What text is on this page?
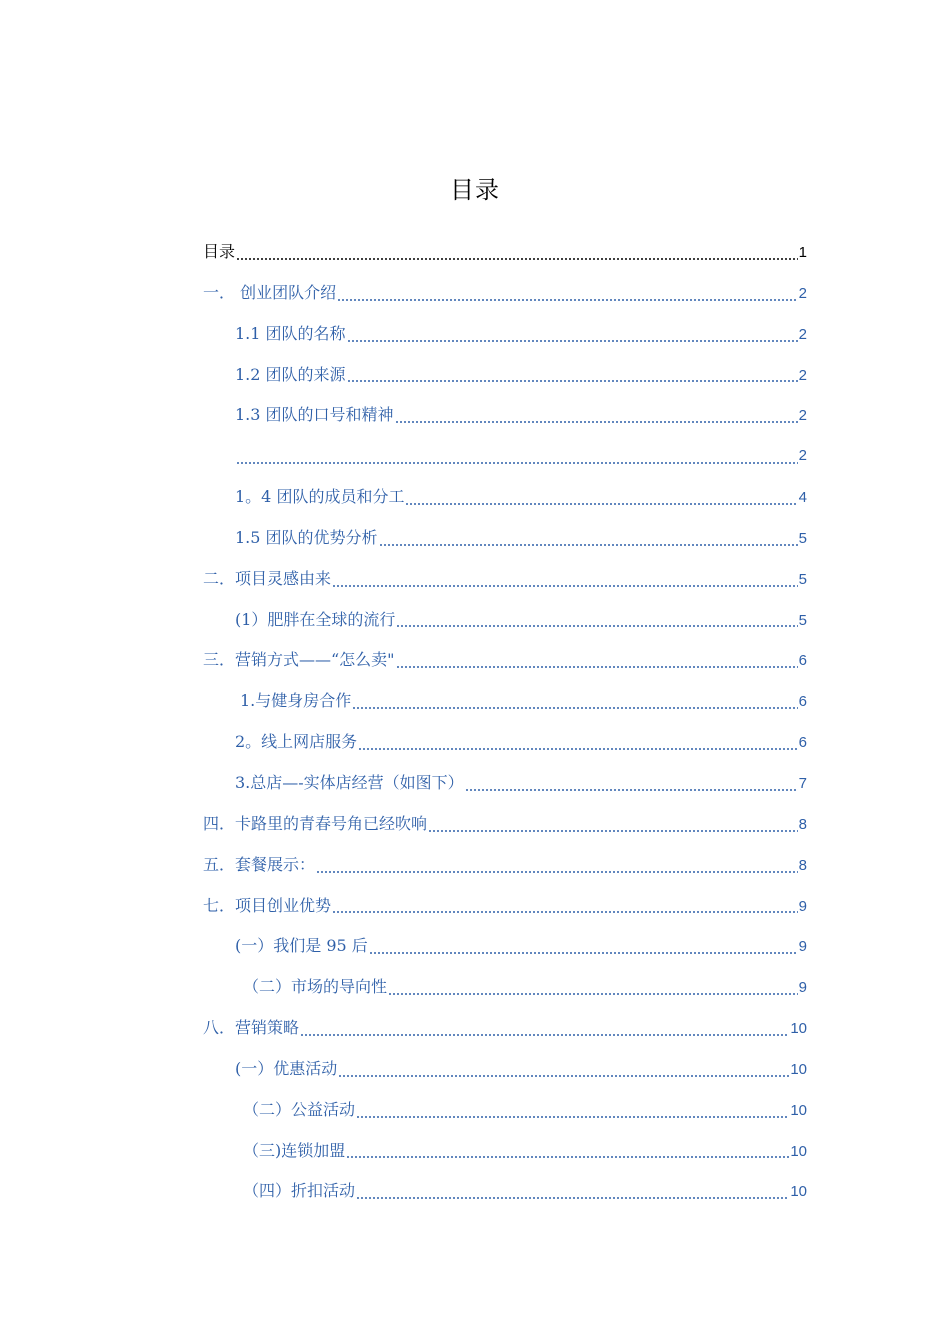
目录
目录	1
一． 创业团队介绍	2
1.1 团队的名称	2
1.2 团队的来源	2
1.3 团队的口号和精神	2
2
1。4 团队的成员和分工	4
1.5 团队的优势分析	5
二．项目灵感由来	5
(1）肥胖在全球的流行	5
三．营销方式——“怎么卖"	6
1.与健身房合作	6
2。线上网店服务	6
3.总店—-实体店经营（如图下）	7
四．卡路里的青春号角已经吹响	8
五．套餐展示：	8
七．项目创业优势	9
(一）我们是 95 后	9
（二）市场的导向性	9
八．营销策略	10
(一）优惠活动	10
（二）公益活动	10
（三)连锁加盟	10
（四）折扣活动	10
